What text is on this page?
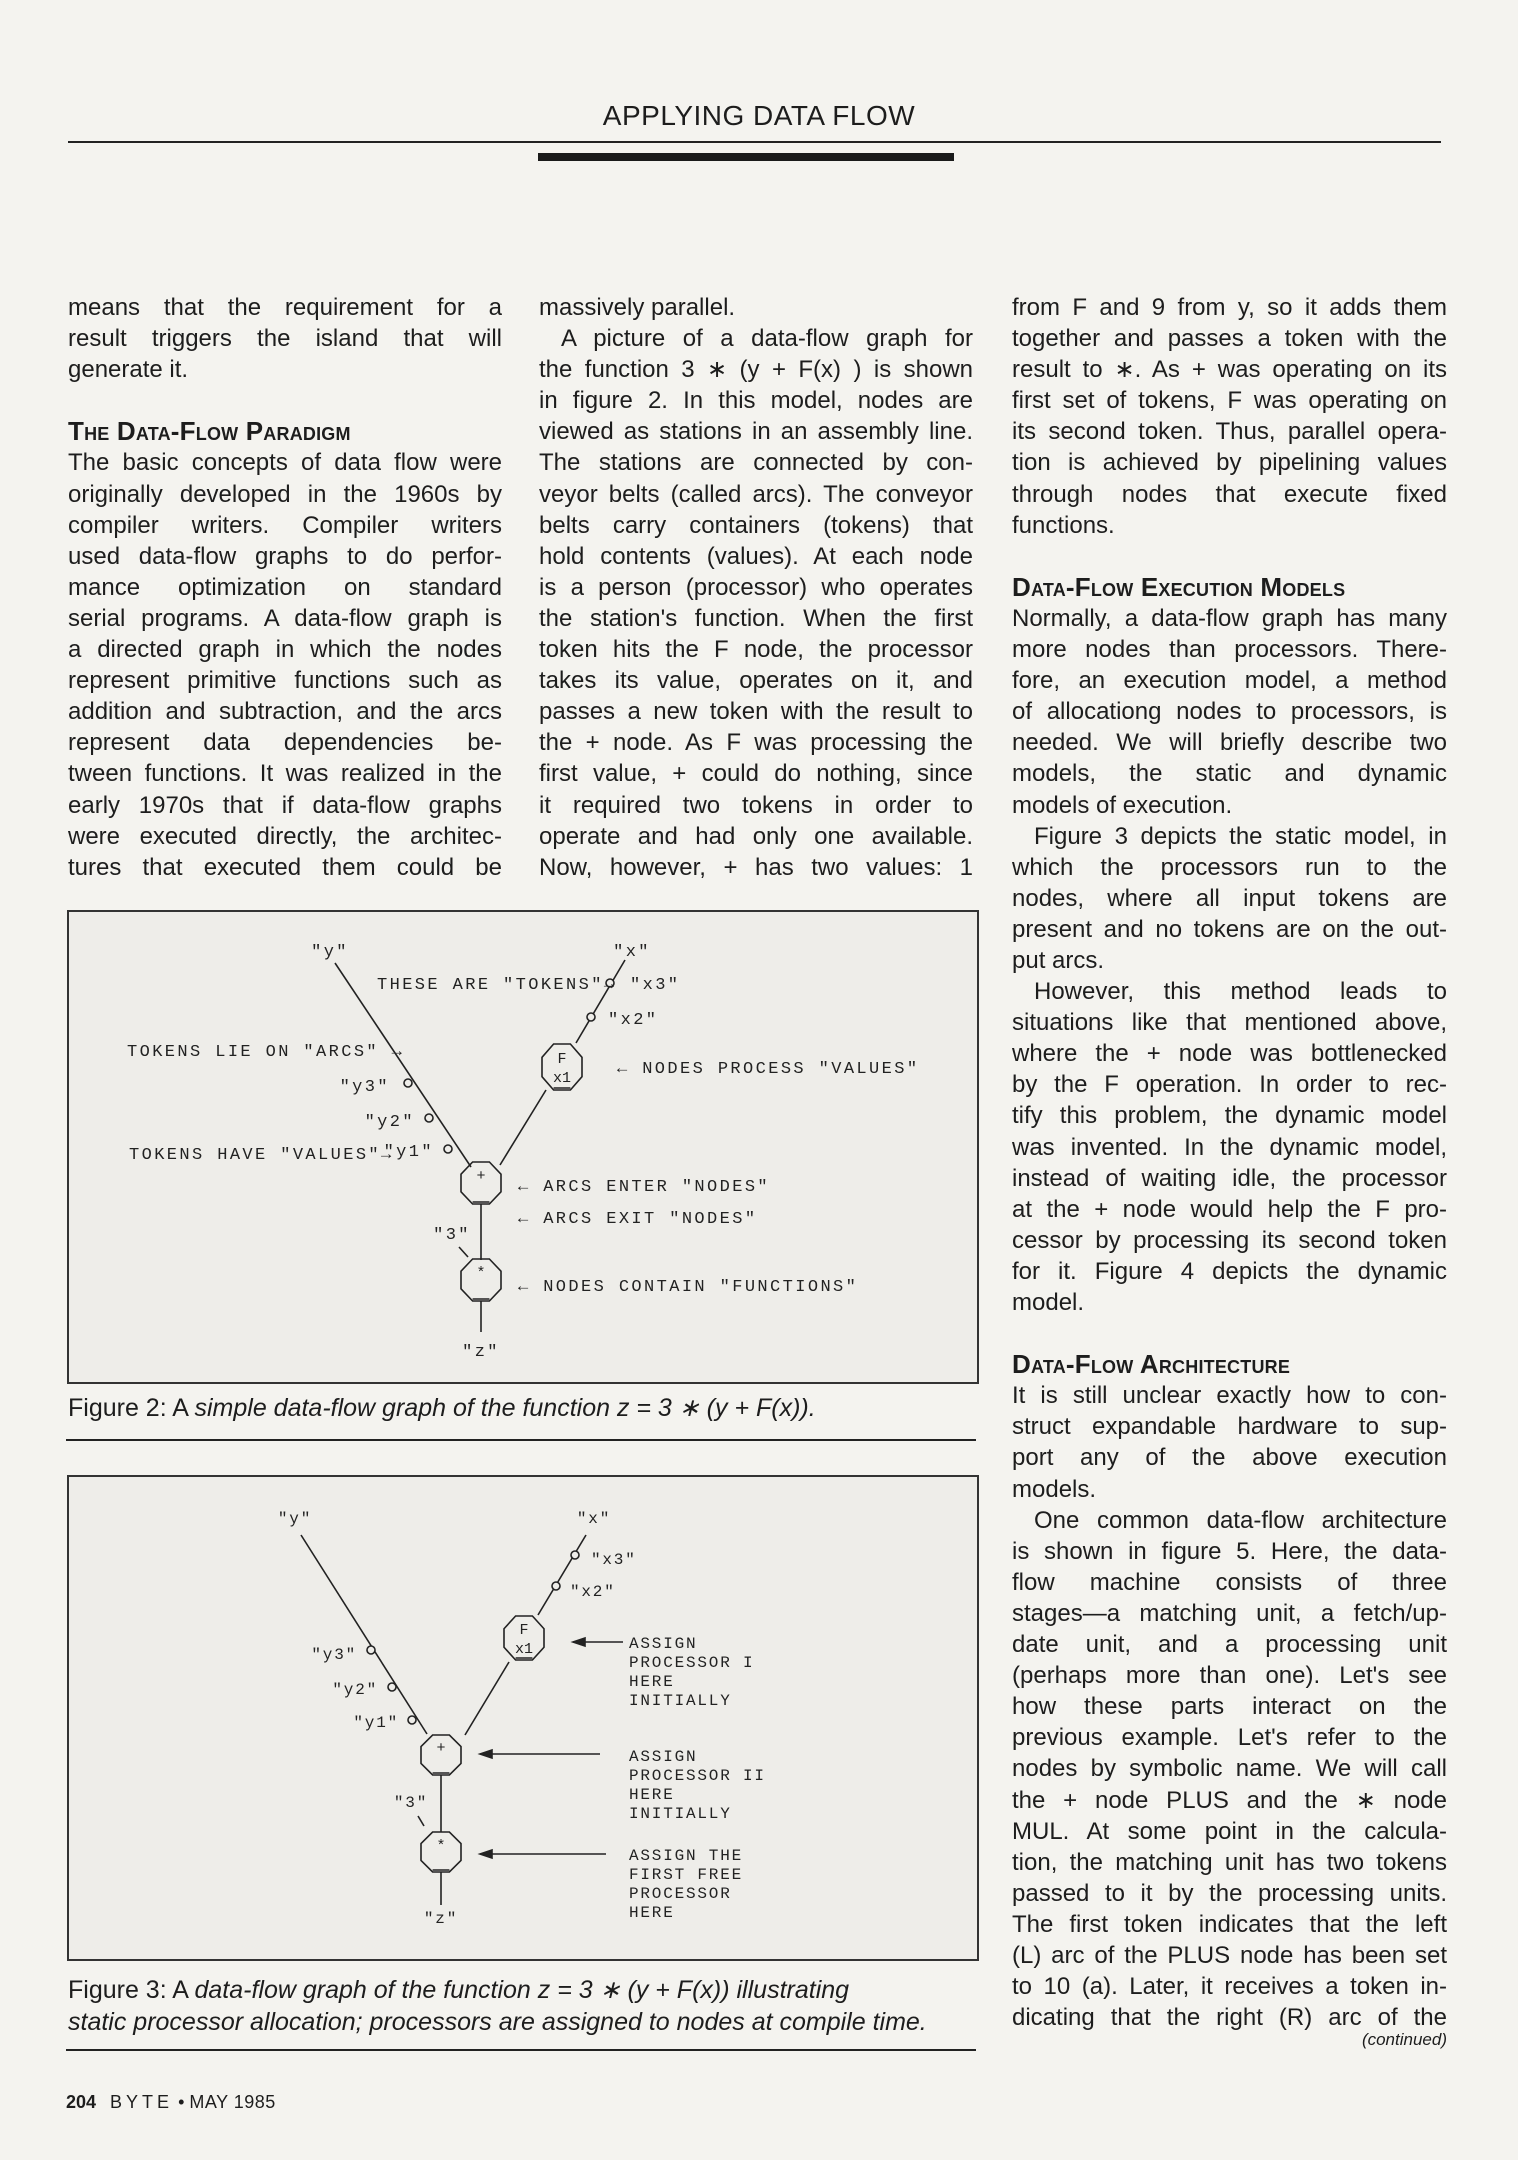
APPLYING DATA FLOW
means that the requirement for a
result triggers the island that will
generate it.
The Data-Flow Paradigm
The basic concepts of data flow were
originally developed in the 1960s by
compiler writers. Compiler writers
used data-flow graphs to do perfor-
mance optimization on standard
serial programs. A data-flow graph is
a directed graph in which the nodes
represent primitive functions such as
addition and subtraction, and the arcs
represent data dependencies be-
tween functions. It was realized in the
early 1970s that if data-flow graphs
were executed directly, the architec-
tures that executed them could be
massively parallel.
A picture of a data-flow graph for
the function 3 ∗ (y + F(x) ) is shown
in figure 2. In this model, nodes are
viewed as stations in an assembly line.
The stations are connected by con-
veyor belts (called arcs). The conveyor
belts carry containers (tokens) that
hold contents (values). At each node
is a person (processor) who operates
the station's function. When the first
token hits the F node, the processor
takes its value, operates on it, and
passes a new token with the result to
the + node. As F was processing the
first value, + could do nothing, since
it required two tokens in order to
operate and had only one available.
Now, however, + has two values: 1
from F and 9 from y, so it adds them
together and passes a token with the
result to ∗. As + was operating on its
first set of tokens, F was operating on
its second token. Thus, parallel opera-
tion is achieved by pipelining values
through nodes that execute fixed
functions.
Data-Flow Execution Models
Normally, a data-flow graph has many
more nodes than processors. There-
fore, an execution model, a method
of allocationg nodes to processors, is
needed. We will briefly describe two
models, the static and dynamic
models of execution.
Figure 3 depicts the static model, in
which the processors run to the
nodes, where all input tokens are
present and no tokens are on the out-
put arcs.
However, this method leads to
situations like that mentioned above,
where the + node was bottlenecked
by the F operation. In order to rec-
tify this problem, the dynamic model
was invented. In the dynamic model,
instead of waiting idle, the processor
at the + node would help the F pro-
cessor by processing its second token
for it. Figure 4 depicts the dynamic
model.
Data-Flow Architecture
It is still unclear exactly how to con-
struct expandable hardware to sup-
port any of the above execution
models.
One common data-flow architecture
is shown in figure 5. Here, the data-
flow machine consists of three
stages—a matching unit, a fetch/up-
date unit, and a processing unit
(perhaps more than one). Let's see
how these parts interact on the
previous example. Let's refer to the
nodes by symbolic name. We will call
the + node PLUS and the ∗ node
MUL. At some point in the calcula-
tion, the matching unit has two tokens
passed to it by the processing units.
The first token indicates that the left
(L) arc of the PLUS node has been set
to 10 (a). Later, it receives a token in-
dicating that the right (R) arc of the
Figure 2: A simple data-flow graph of the function z = 3 ∗ (y + F(x)).
Figure 3: A data-flow graph of the function z = 3 ∗ (y + F(x)) illustrating
static processor allocation; processors are assigned to nodes at compile time.
(continued)
204 BYTE • MAY 1985
"y"	"x"
"y3"
"y2"
"y1"
"x3"
"x2"
F
x1
+
*
"3"
"z"
THESE ARE "TOKENS"→
TOKENS LIE ON "ARCS" →
← NODES PROCESS "VALUES"
TOKENS HAVE "VALUES"→
← ARCS ENTER "NODES"
← ARCS EXIT "NODES"
← NODES CONTAIN "FUNCTIONS"
"y"	"x"
"y3"
"y2"
"y1"
"x3"
"x2"
F
x1
+
*
"3"
"z"
ASSIGN
PROCESSOR I
HERE
INITIALLY
ASSIGN
PROCESSOR II
HERE
INITIALLY
ASSIGN THE
FIRST FREE
PROCESSOR
HERE
